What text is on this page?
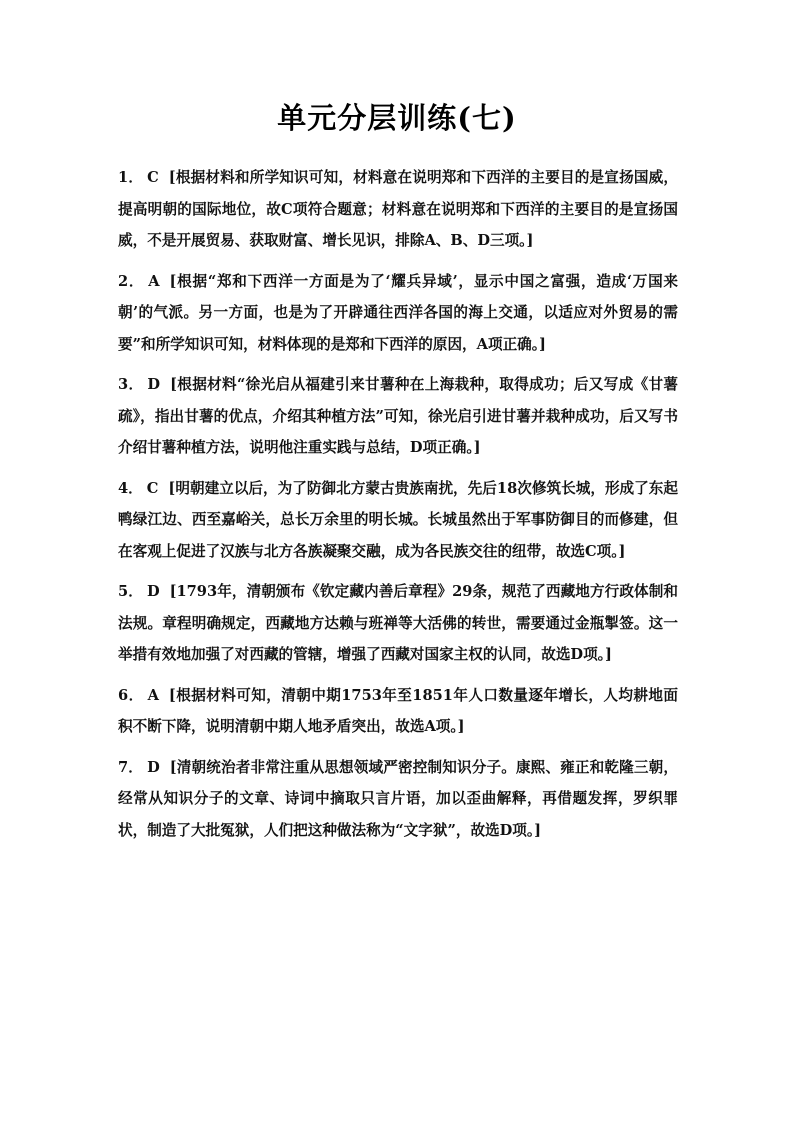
单元分层训练(七)
1． C [根据材料和所学知识可知，材料意在说明郑和下西洋的主要目的是宣扬国威，提高明朝的国际地位，故C项符合题意；材料意在说明郑和下西洋的主要目的是宣扬国威，不是开展贸易、获取财富、增长见识，排除A、B、D三项。]
2． A [根据“郑和下西洋一方面是为了‘耀兵异域’，显示中国之富强，造成‘万国来朝’的气派。另一方面，也是为了开辟通往西洋各国的海上交通，以适应对外贸易的需要”和所学知识可知，材料体现的是郑和下西洋的原因，A项正确。]
3． D [根据材料“徐光启从福建引来甘薯种在上海栽种，取得成功；后又写成《甘薯疏》，指出甘薯的优点，介绍其种植方法”可知，徐光启引进甘薯并栽种成功，后又写书介绍甘薯种植方法，说明他注重实践与总结，D项正确。]
4． C [明朝建立以后，为了防御北方蒙古贵族南扰，先后18次修筑长城，形成了东起鸭绿江边、西至嘉峪关，总长万余里的明长城。长城虽然出于军事防御目的而修建，但在客观上促进了汉族与北方各族凝聚交融，成为各民族交往的纽带，故选C项。]
5． D [1793年，清朝颁布《钦定藏内善后章程》29条，规范了西藏地方行政体制和法规。章程明确规定，西藏地方达赖与班禅等大活佛的转世，需要通过金瓶掣签。这一举措有效地加强了对西藏的管辖，增强了西藏对国家主权的认同，故选D项。]
6． A [根据材料可知，清朝中期1753年至1851年人口数量逐年增长，人均耕地面积不断下降，说明清朝中期人地矛盾突出，故选A项。]
7． D [清朝统治者非常注重从思想领域严密控制知识分子。康熙、雍正和乾隆三朝，经常从知识分子的文章、诗词中摘取只言片语，加以歪曲解释，再借题发挥，罗织罪状，制造了大批冤狱，人们把这种做法称为“文字狱”，故选D项。]
